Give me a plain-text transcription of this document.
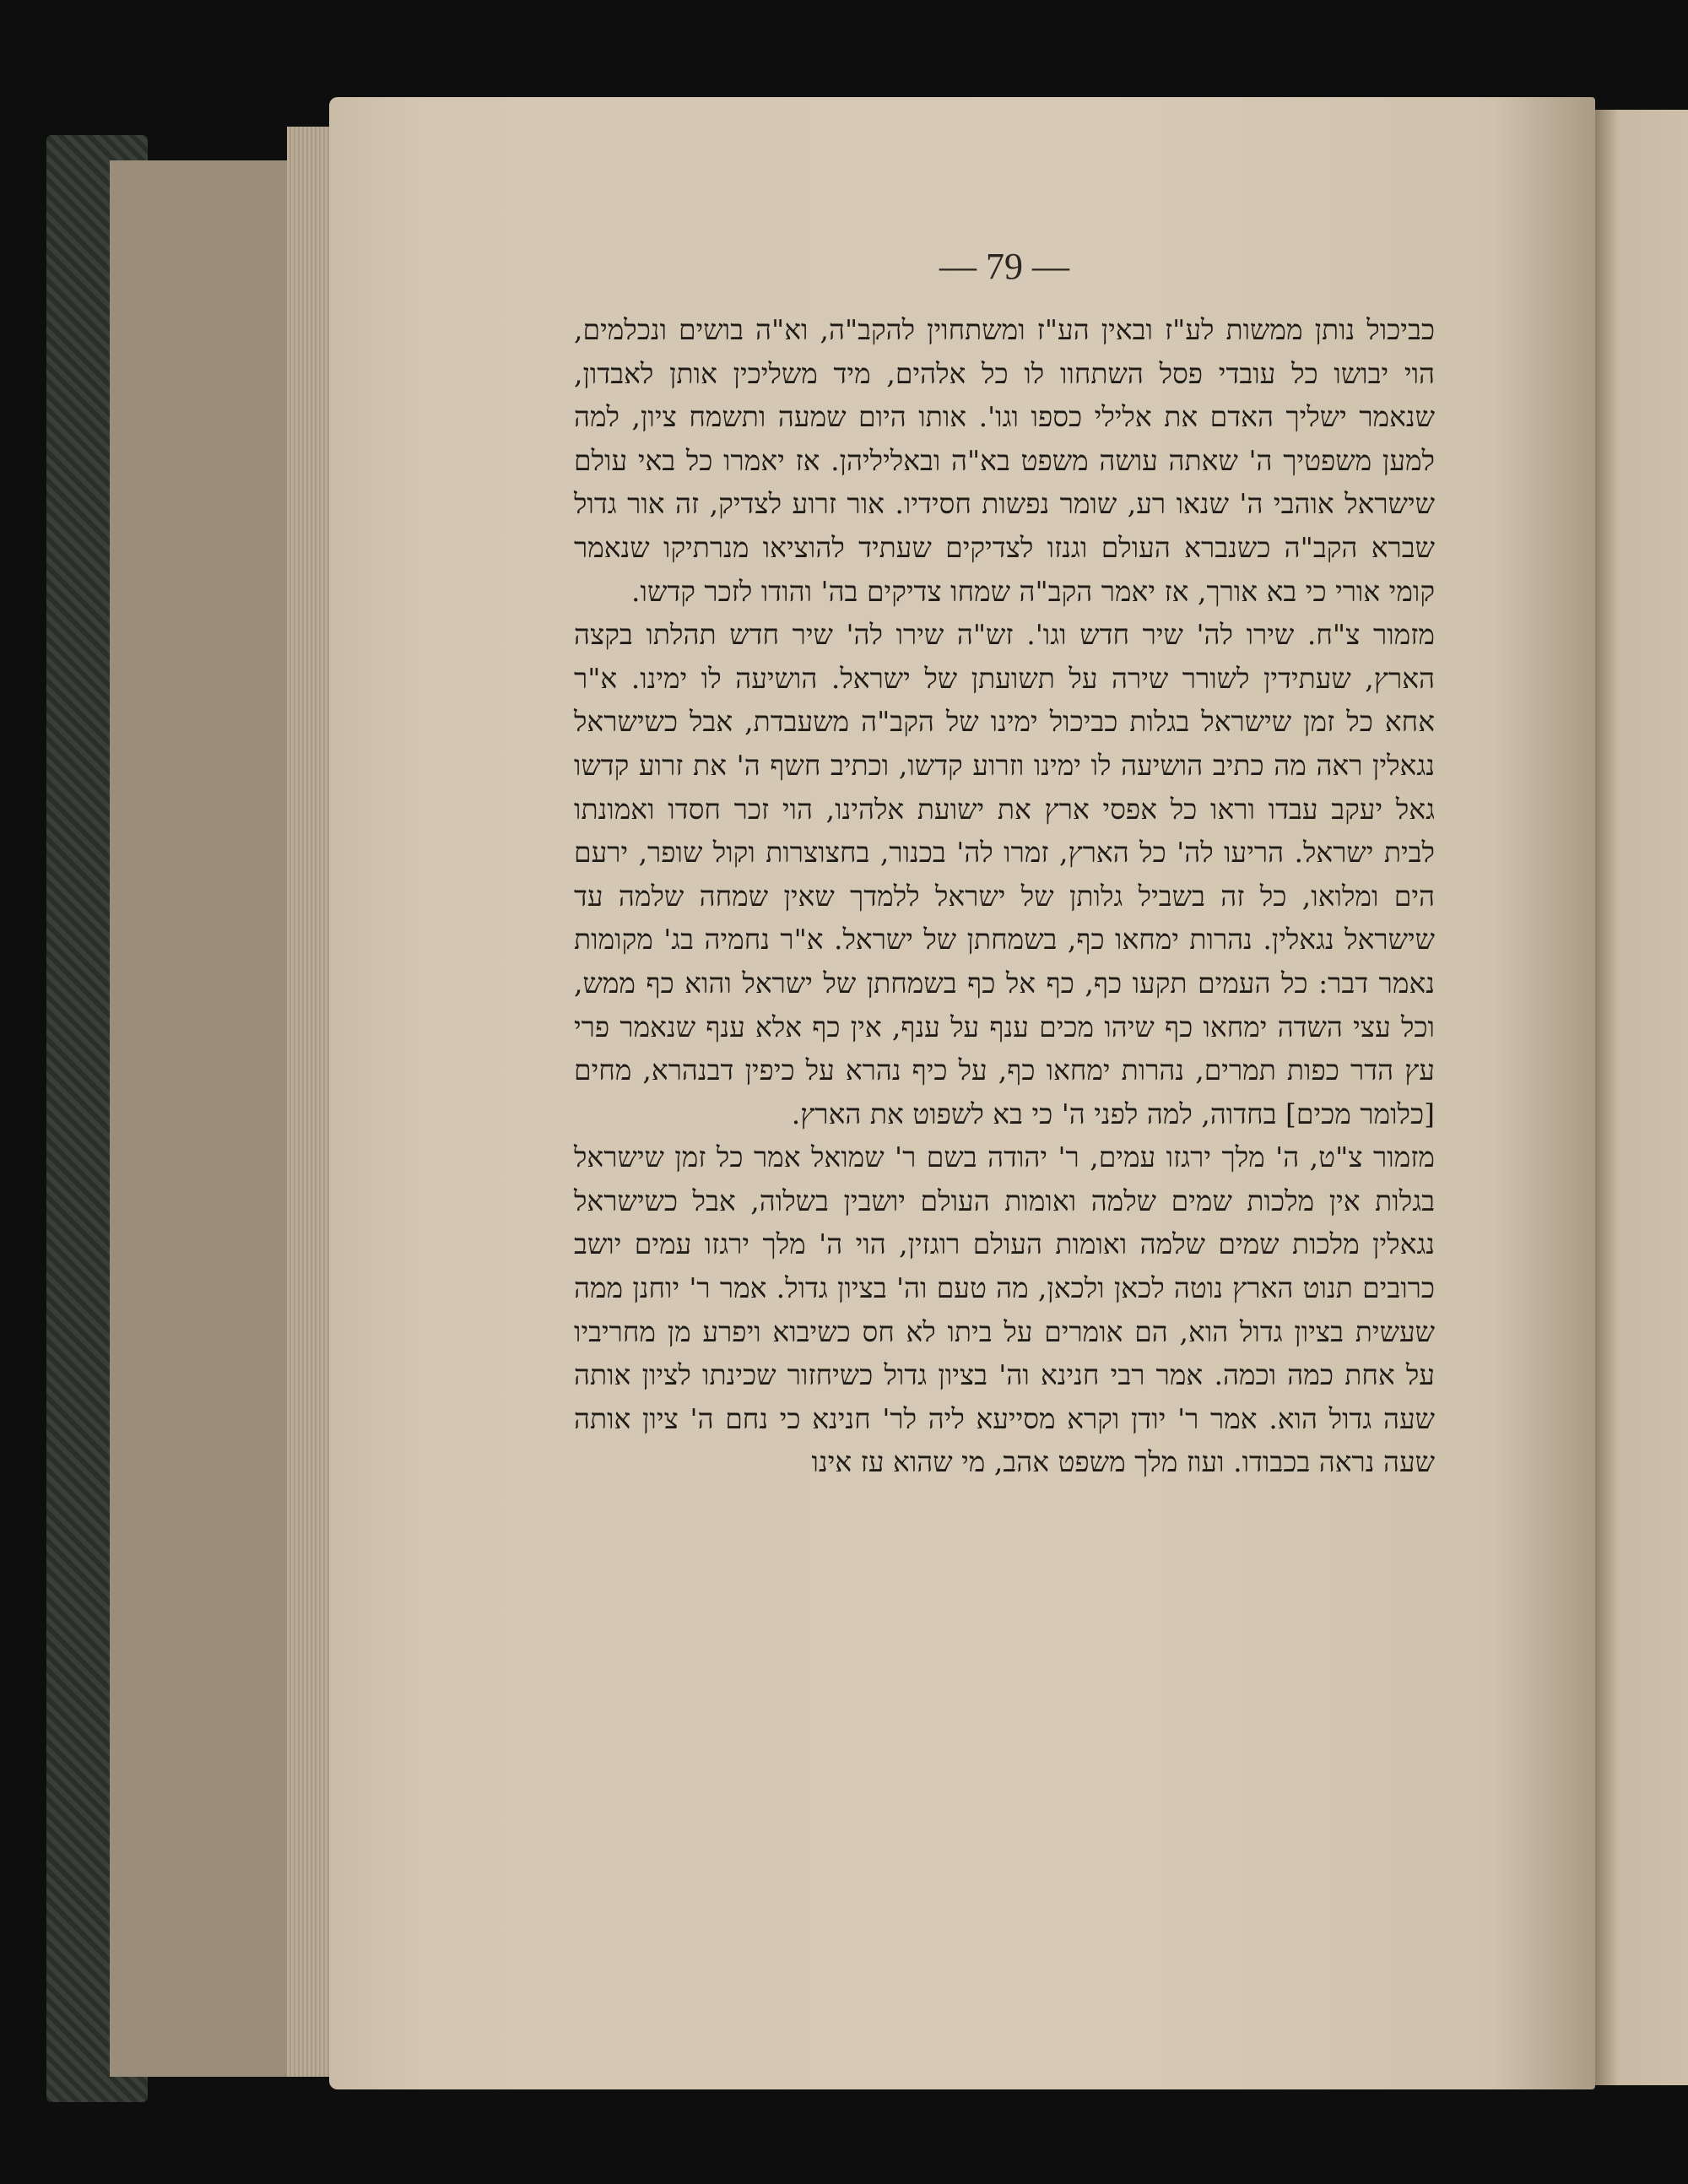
— 79 —

כביכול נותן ממשות לע"ז ובאין הע"ז ומשתחוין להקב"ה, וא"ה בושים ונכלמים, הוי יבושו כל עובדי פסל השתחוו לו כל אלהים, מיד משליכין אותן לאבדון, שנאמר ישליך האדם את אלילי כספו וגו'. אותו היום שמעה ותשמח ציון, למה למען משפטיך ה' שאתה עושה משפט בא"ה ובאליליהן. אז יאמרו כל באי עולם שישראל אוהבי ה' שנאו רע, שומר נפשות חסידיו. אור זרוע לצדיק, זה אור גדול שברא הקב"ה כשנברא העולם וגנזו לצדיקים שעתיד להוציאו מנרתיקו שנאמר קומי אורי כי בא אורך, אז יאמר הקב"ה שמחו צדיקים בה' והודו לזכר קדשו.

מזמור צ"ח. שירו לה' שיר חדש וגו'. זש"ה שירו לה' שיר חדש תהלתו בקצה הארץ, שעתידין לשורר שירה על תשועתן של ישראל. הושיעה לו ימינו. א"ר אחא כל זמן שישראל בגלות כביכול ימינו של הקב"ה משעבדת, אבל כשישראל נגאלין ראה מה כתיב הושיעה לו ימינו וזרוע קדשו, וכתיב חשף ה' את זרוע קדשו גאל יעקב עבדו וראו כל אפסי ארץ את ישועת אלהינו, הוי זכר חסדו ואמונתו לבית ישראל. הריעו לה' כל הארץ, זמרו לה' בכנור, בחצוצרות וקול שופר, ירעם הים ומלואו, כל זה בשביל גלותן של ישראל ללמדך שאין שמחה שלמה עד שישראל נגאלין. נהרות ימחאו כף, בשמחתן של ישראל. א"ר נחמיה בג' מקומות נאמר דבר: כל העמים תקעו כף, כף אל כף בשמחתן של ישראל והוא כף ממש, וכל עצי השדה ימחאו כף שיהו מכים ענף על ענף, אין כף אלא ענף שנאמר פרי עץ הדר כפות תמרים, נהרות ימחאו כף, על כיף נהרא על כיפין דבנהרא, מחים [כלומר מכים] בחדוה, למה לפני ה' כי בא לשפוט את הארץ.

מזמור צ"ט, ה' מלך ירגזו עמים, ר' יהודה בשם ר' שמואל אמר כל זמן שישראל בגלות אין מלכות שמים שלמה ואומות העולם יושבין בשלוה, אבל כשישראל נגאלין מלכות שמים שלמה ואומות העולם רוגזין, הוי ה' מלך ירגזו עמים יושב כרובים תנוט הארץ נוטה לכאן ולכאן, מה טעם וה' בציון גדול. אמר ר' יוחנן ממה שעשית בציון גדול הוא, הם אומרים על ביתו לא חס כשיבוא ויפרע מן מחריביו על אחת כמה וכמה. אמר רבי חנינא וה' בציון גדול כשיחזור שכינתו לציון אותה שעה גדול הוא. אמר ר' יודן וקרא מסייעא ליה לר' חנינא כי נחם ה' ציון אותה שעה נראה בכבודו. ועוז מלך משפט אהב, מי שהוא עז אינו
